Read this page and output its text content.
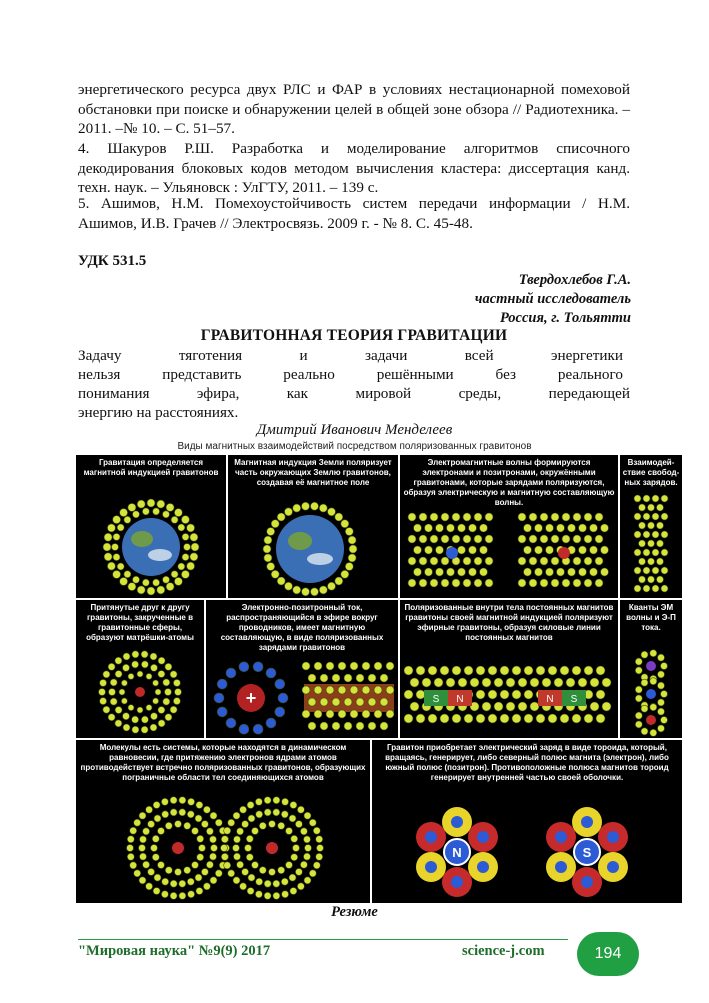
энергетического ресурса двух РЛС и ФАР в условиях нестационарной помеховой обстановки при поиске и обнаружении целей в общей зоне обзора // Радиотехника. – 2011. –№ 10. – С. 51–57.
4. Шакуров Р.Ш. Разработка и моделирование алгоритмов списочного декодирования блоковых кодов методом вычисления кластера: диссертация канд. техн. наук. – Ульяновск : УлГТУ, 2011. – 139 с.
5. Ашимов, Н.М. Помехоустойчивость систем передачи информации / Н.М. Ашимов, И.В. Грачев // Электросвязь. 2009 г. - № 8. С. 45-48.
УДК 531.5
Твердохлебов Г.А.
частный исследователь
Россия, г. Тольятти
ГРАВИТОННАЯ ТЕОРИЯ ГРАВИТАЦИИ
Задачу	тяготения	и	задачи	всей	энергетики
нельзя	представить	реально	решёнными	без	реального
понимания	эфира,	как	мировой	среды,	передающей
энергию на расстояниях.
Дмитрий Иванович Менделеев
Виды магнитных взаимодействий посредством поляризованных гравитонов
Гравитация определяется магнитной индукцией гравитонов
Магнитная индукция Земли поляризует часть окружающих Землю гравитонов, создавая её магнитное поле
Электромагнитные волны формируются электронами и позитронами, окружёнными гравитонами, которые зарядами поляризуются, образуя электрическую и магнитную составляющую волны.
Взаимодей-ствие свобод-ных зарядов.
Притянутые друг к другу гравитоны, закрученные в гравитонные сферы, образуют матрёшки-атомы
Электронно-позитронный ток, распространяющийся в эфире вокруг проводников, имеет магнитную составляющую, в виде поляризованных зарядами гравитонов
+
Поляризованные внутри тела постоянных магнитов гравитоны своей магнитной индукцией поляризуют эфирные гравитоны, образуя силовые линии постоянных магнитов
S N	N S
Кванты ЭМ волны и Э-П тока.
Молекулы есть системы, которые находятся в динамическом равновесии, где притяжению электронов ядрами атомов противодействует встречно поляризованных гравитонов, образующих пограничные области тел соединяющихся атомов
Гравитон приобретает электрический заряд в виде тороида, который, вращаясь, генерирует, либо северный полюс магнита (электрон), либо южный полюс (позитрон). Противоположные полюса магнитов тороид генерирует внутренней частью своей оболочки.
N	S
Резюме
"Мировая наука" №9(9) 2017	science-j.com	194
